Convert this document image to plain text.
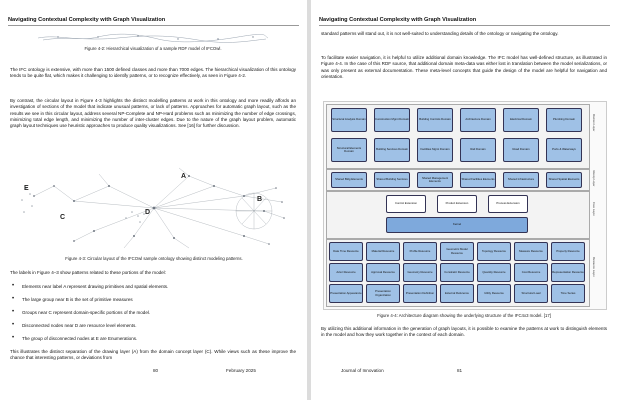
Navigating Contextual Complexity with Graph Visualization
Figure 4-2: Hierarchical visualization of a sample RDF model of IFCOwl.
The IFC ontology is extensive, with more than 1500 defined classes and more than 7000 edges. The hierarchical visualization of this ontology tends to be quite flat, which makes it challenging to identify patterns, or to recognize effectively, as seen in Figure 4-2.
By contrast, the circular layout in Figure 4-3 highlights the distinct modelling patterns at work in this ontology and more readily affords an investigation of sections of the model that indicate unusual patterns, or lack of patterns. Approaches for automatic graph layout, such as the results we see in this circular layout, address several NP-Complete and NP-Hard problems such as minimizing the number of edge crossings, minimizing total edge length, and minimizing the number of inter-cluster edges. Due to the nature of the graph layout problem, automatic graph layout techniques use heuristic approaches to produce quality visualizations. See [16] for further discussion.
A
B
C
D
E
Figure 4-3: Circular layout of the IFCOwl sample ontology showing distinct modeling patterns.
The labels in Figure 4–3 show patterns related to these portions of the model:
• Elements near label A represent drawing primitives and spatial elements.
• The large group near B is the set of primitive measures
• Groups near C represent domain-specific portions of the model.
• Disconnected nodes near D are resource level elements.
• The group of disconnected nodes at E are Enumerations.
This illustrates the distinct separation of the drawing layer (A) from the domain concept layer (C). While views such as these improve the chance that interesting patterns, or deviations from
80	February 2025
Navigating Contextual Complexity with Graph Visualization
standard patterns will stand out, it is not well-suited to understanding details of the ontology or navigating the ontology.
To facilitate easier navigation, it is helpful to utilize additional domain knowledge. The IFC model has well-defined structure, as illustrated in Figure 4-4. In the case of this RDF source, that additional domain meta-data was either lost in translation between the model serializations, or was only present as external documentation. These meta-level concepts that guide the design of the model are helpful for navigation and orientation.
Domain Layer
Interop Layer
Core Layer
Resource Layer
Structural Analysis Domain	Construction Mgmt Domain	Building Controls Domain	Architecture Domain	Electrical Domain	Plumbing Domain
Structural Elements Domain	Building Services Domain	Facilities Mgmt Domain	Rail Domain	Road Domain	Ports & Waterways
Shared Bldg Elements	Shared Building Services	Shared Management Elements	Shared Facilities Elements	Shared Infrastructure	Shared Spatial Elements
Control Extension	Product Extension	Process Extension
Kernel
Date Time Resource	Material Resource	Profile Resource	Geometric Model Resource	Topology Resource	Measure Resource	Property Resource
Actor Resource	Approval Resource	Geometry Resource	Constraint Resource	Quantity Resource	Cost Resource	Representation Resource
Presentation Appearance	Presentation Organization	Presentation Definition	External Reference	Utility Resource	Structural Load	Time Series
Figure 4-4: Architecture diagram showing the underlying structure of the IFC4x3 model. [17]
By utilizing this additional information in the generation of graph layouts, it is possible to examine the patterns at work to distinguish elements in the model and how they work together in the context of each domain.
Journal of Innovation	81
